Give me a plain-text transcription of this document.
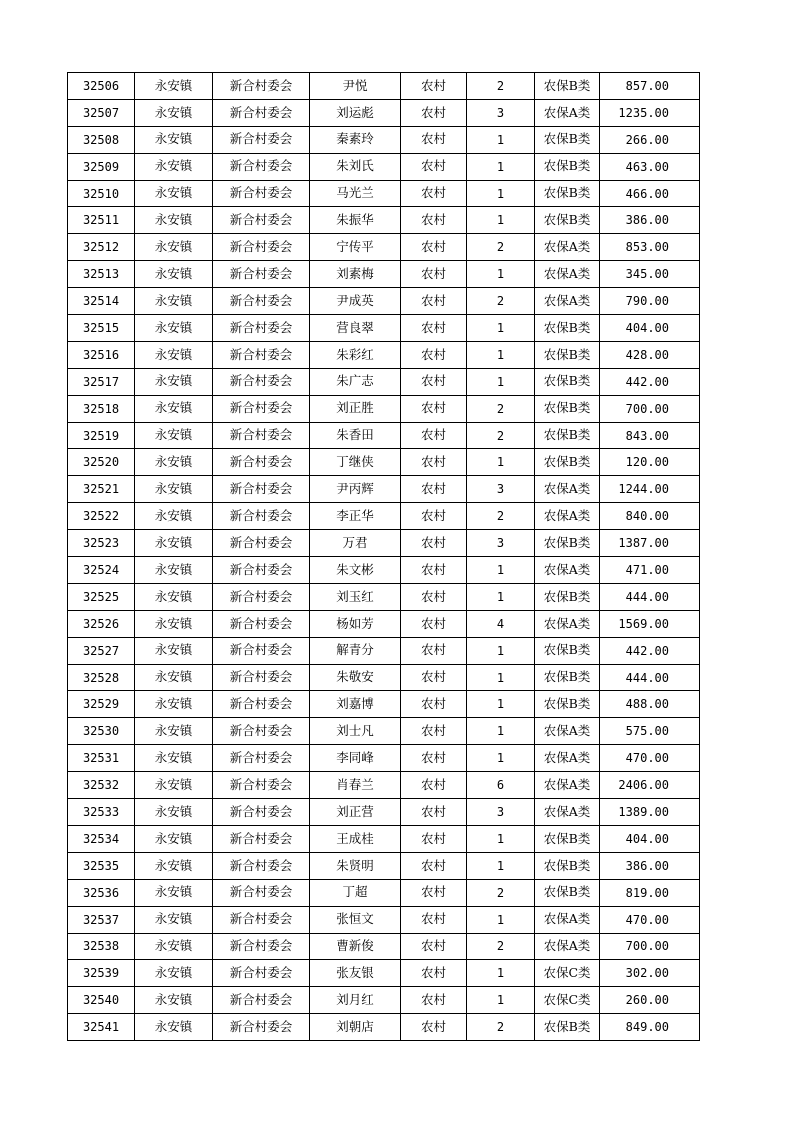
32506	永安镇	新合村委会	尹悦	农村	2	农保B类	857.00
32507	永安镇	新合村委会	刘运彪	农村	3	农保A类	1235.00
32508	永安镇	新合村委会	秦素玲	农村	1	农保B类	266.00
32509	永安镇	新合村委会	朱刘氏	农村	1	农保B类	463.00
32510	永安镇	新合村委会	马光兰	农村	1	农保B类	466.00
32511	永安镇	新合村委会	朱振华	农村	1	农保B类	386.00
32512	永安镇	新合村委会	宁传平	农村	2	农保A类	853.00
32513	永安镇	新合村委会	刘素梅	农村	1	农保A类	345.00
32514	永安镇	新合村委会	尹成英	农村	2	农保A类	790.00
32515	永安镇	新合村委会	营良翠	农村	1	农保B类	404.00
32516	永安镇	新合村委会	朱彩红	农村	1	农保B类	428.00
32517	永安镇	新合村委会	朱广志	农村	1	农保B类	442.00
32518	永安镇	新合村委会	刘正胜	农村	2	农保B类	700.00
32519	永安镇	新合村委会	朱香田	农村	2	农保B类	843.00
32520	永安镇	新合村委会	丁继侠	农村	1	农保B类	120.00
32521	永安镇	新合村委会	尹丙辉	农村	3	农保A类	1244.00
32522	永安镇	新合村委会	李正华	农村	2	农保A类	840.00
32523	永安镇	新合村委会	万君	农村	3	农保B类	1387.00
32524	永安镇	新合村委会	朱文彬	农村	1	农保A类	471.00
32525	永安镇	新合村委会	刘玉红	农村	1	农保B类	444.00
32526	永安镇	新合村委会	杨如芳	农村	4	农保A类	1569.00
32527	永安镇	新合村委会	解青分	农村	1	农保B类	442.00
32528	永安镇	新合村委会	朱敬安	农村	1	农保B类	444.00
32529	永安镇	新合村委会	刘嘉博	农村	1	农保B类	488.00
32530	永安镇	新合村委会	刘士凡	农村	1	农保A类	575.00
32531	永安镇	新合村委会	李同峰	农村	1	农保A类	470.00
32532	永安镇	新合村委会	肖春兰	农村	6	农保A类	2406.00
32533	永安镇	新合村委会	刘正营	农村	3	农保A类	1389.00
32534	永安镇	新合村委会	王成桂	农村	1	农保B类	404.00
32535	永安镇	新合村委会	朱贤明	农村	1	农保B类	386.00
32536	永安镇	新合村委会	丁超	农村	2	农保B类	819.00
32537	永安镇	新合村委会	张恒文	农村	1	农保A类	470.00
32538	永安镇	新合村委会	曹新俊	农村	2	农保A类	700.00
32539	永安镇	新合村委会	张友银	农村	1	农保C类	302.00
32540	永安镇	新合村委会	刘月红	农村	1	农保C类	260.00
32541	永安镇	新合村委会	刘朝店	农村	2	农保B类	849.00
